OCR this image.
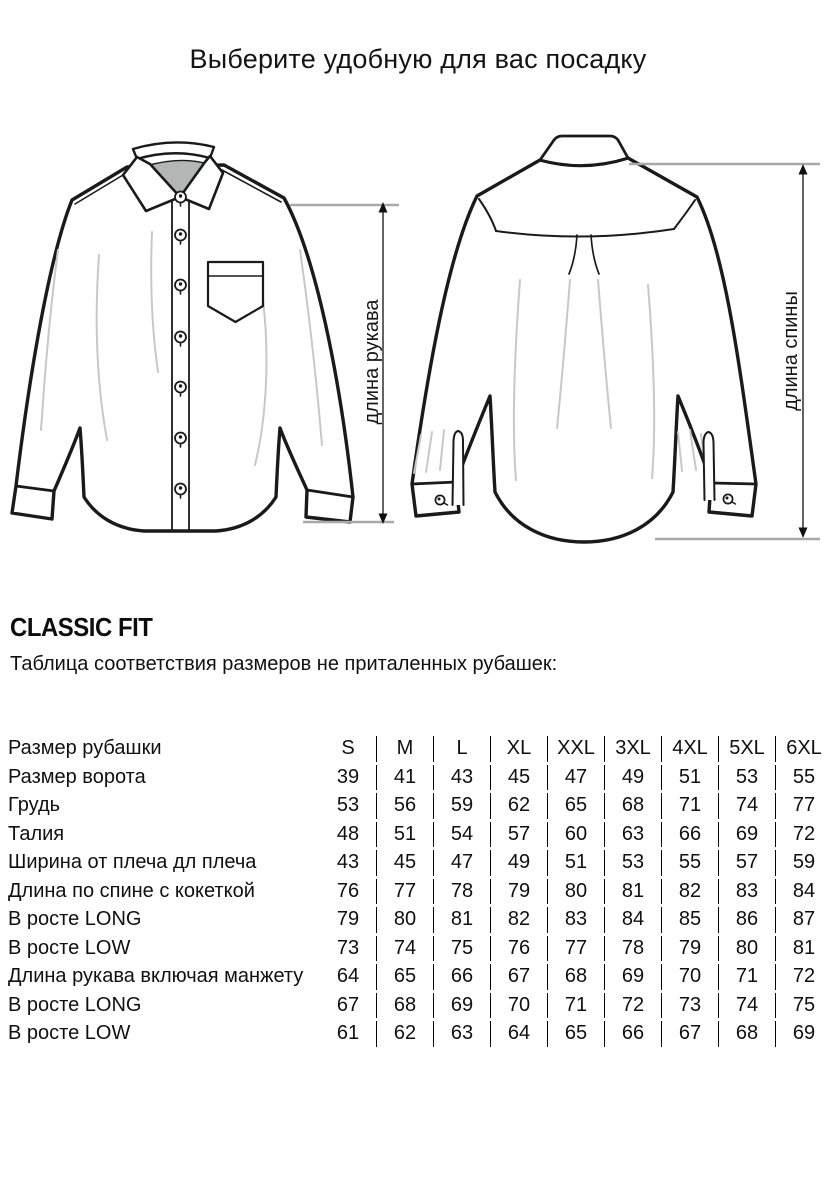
Выберите удобную для вас посадку
длина рукава	длина спины
CLASSIC FIT

Таблица соответствия размеров не приталенных рубашек:

Размер рубашки	S	M	L	XL	XXL	3XL	4XL	5XL	6XL
Размер ворота	39	41	43	45	47	49	51	53	55
Грудь	53	56	59	62	65	68	71	74	77
Талия	48	51	54	57	60	63	66	69	72
Ширина от плеча дл плеча	43	45	47	49	51	53	55	57	59
Длина по спине с кокеткой	76	77	78	79	80	81	82	83	84
В росте LONG	79	80	81	82	83	84	85	86	87
В росте LOW	73	74	75	76	77	78	79	80	81
Длина рукава включая манжету	64	65	66	67	68	69	70	71	72
В росте LONG	67	68	69	70	71	72	73	74	75
В росте LOW	61	62	63	64	65	66	67	68	69
